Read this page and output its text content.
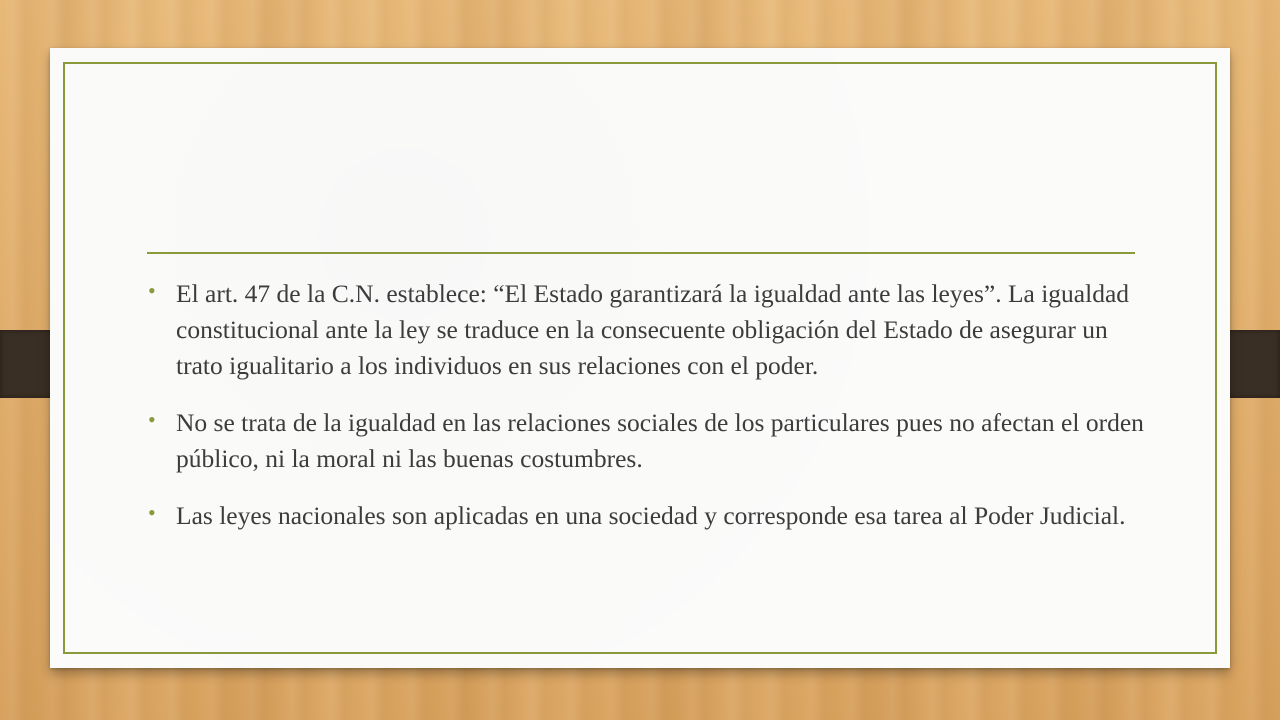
• El art. 47 de la C.N. establece: “El Estado garantizará la igualdad ante las leyes”. La igualdad constitucional ante la ley se traduce en la consecuente obligación del Estado de asegurar un trato igualitario a los individuos en sus relaciones con el poder.
• No se trata de la igualdad en las relaciones sociales de los particulares pues no afectan el orden público, ni la moral ni las buenas costumbres.
• Las leyes nacionales son aplicadas en una sociedad y corresponde esa tarea al Poder Judicial.
